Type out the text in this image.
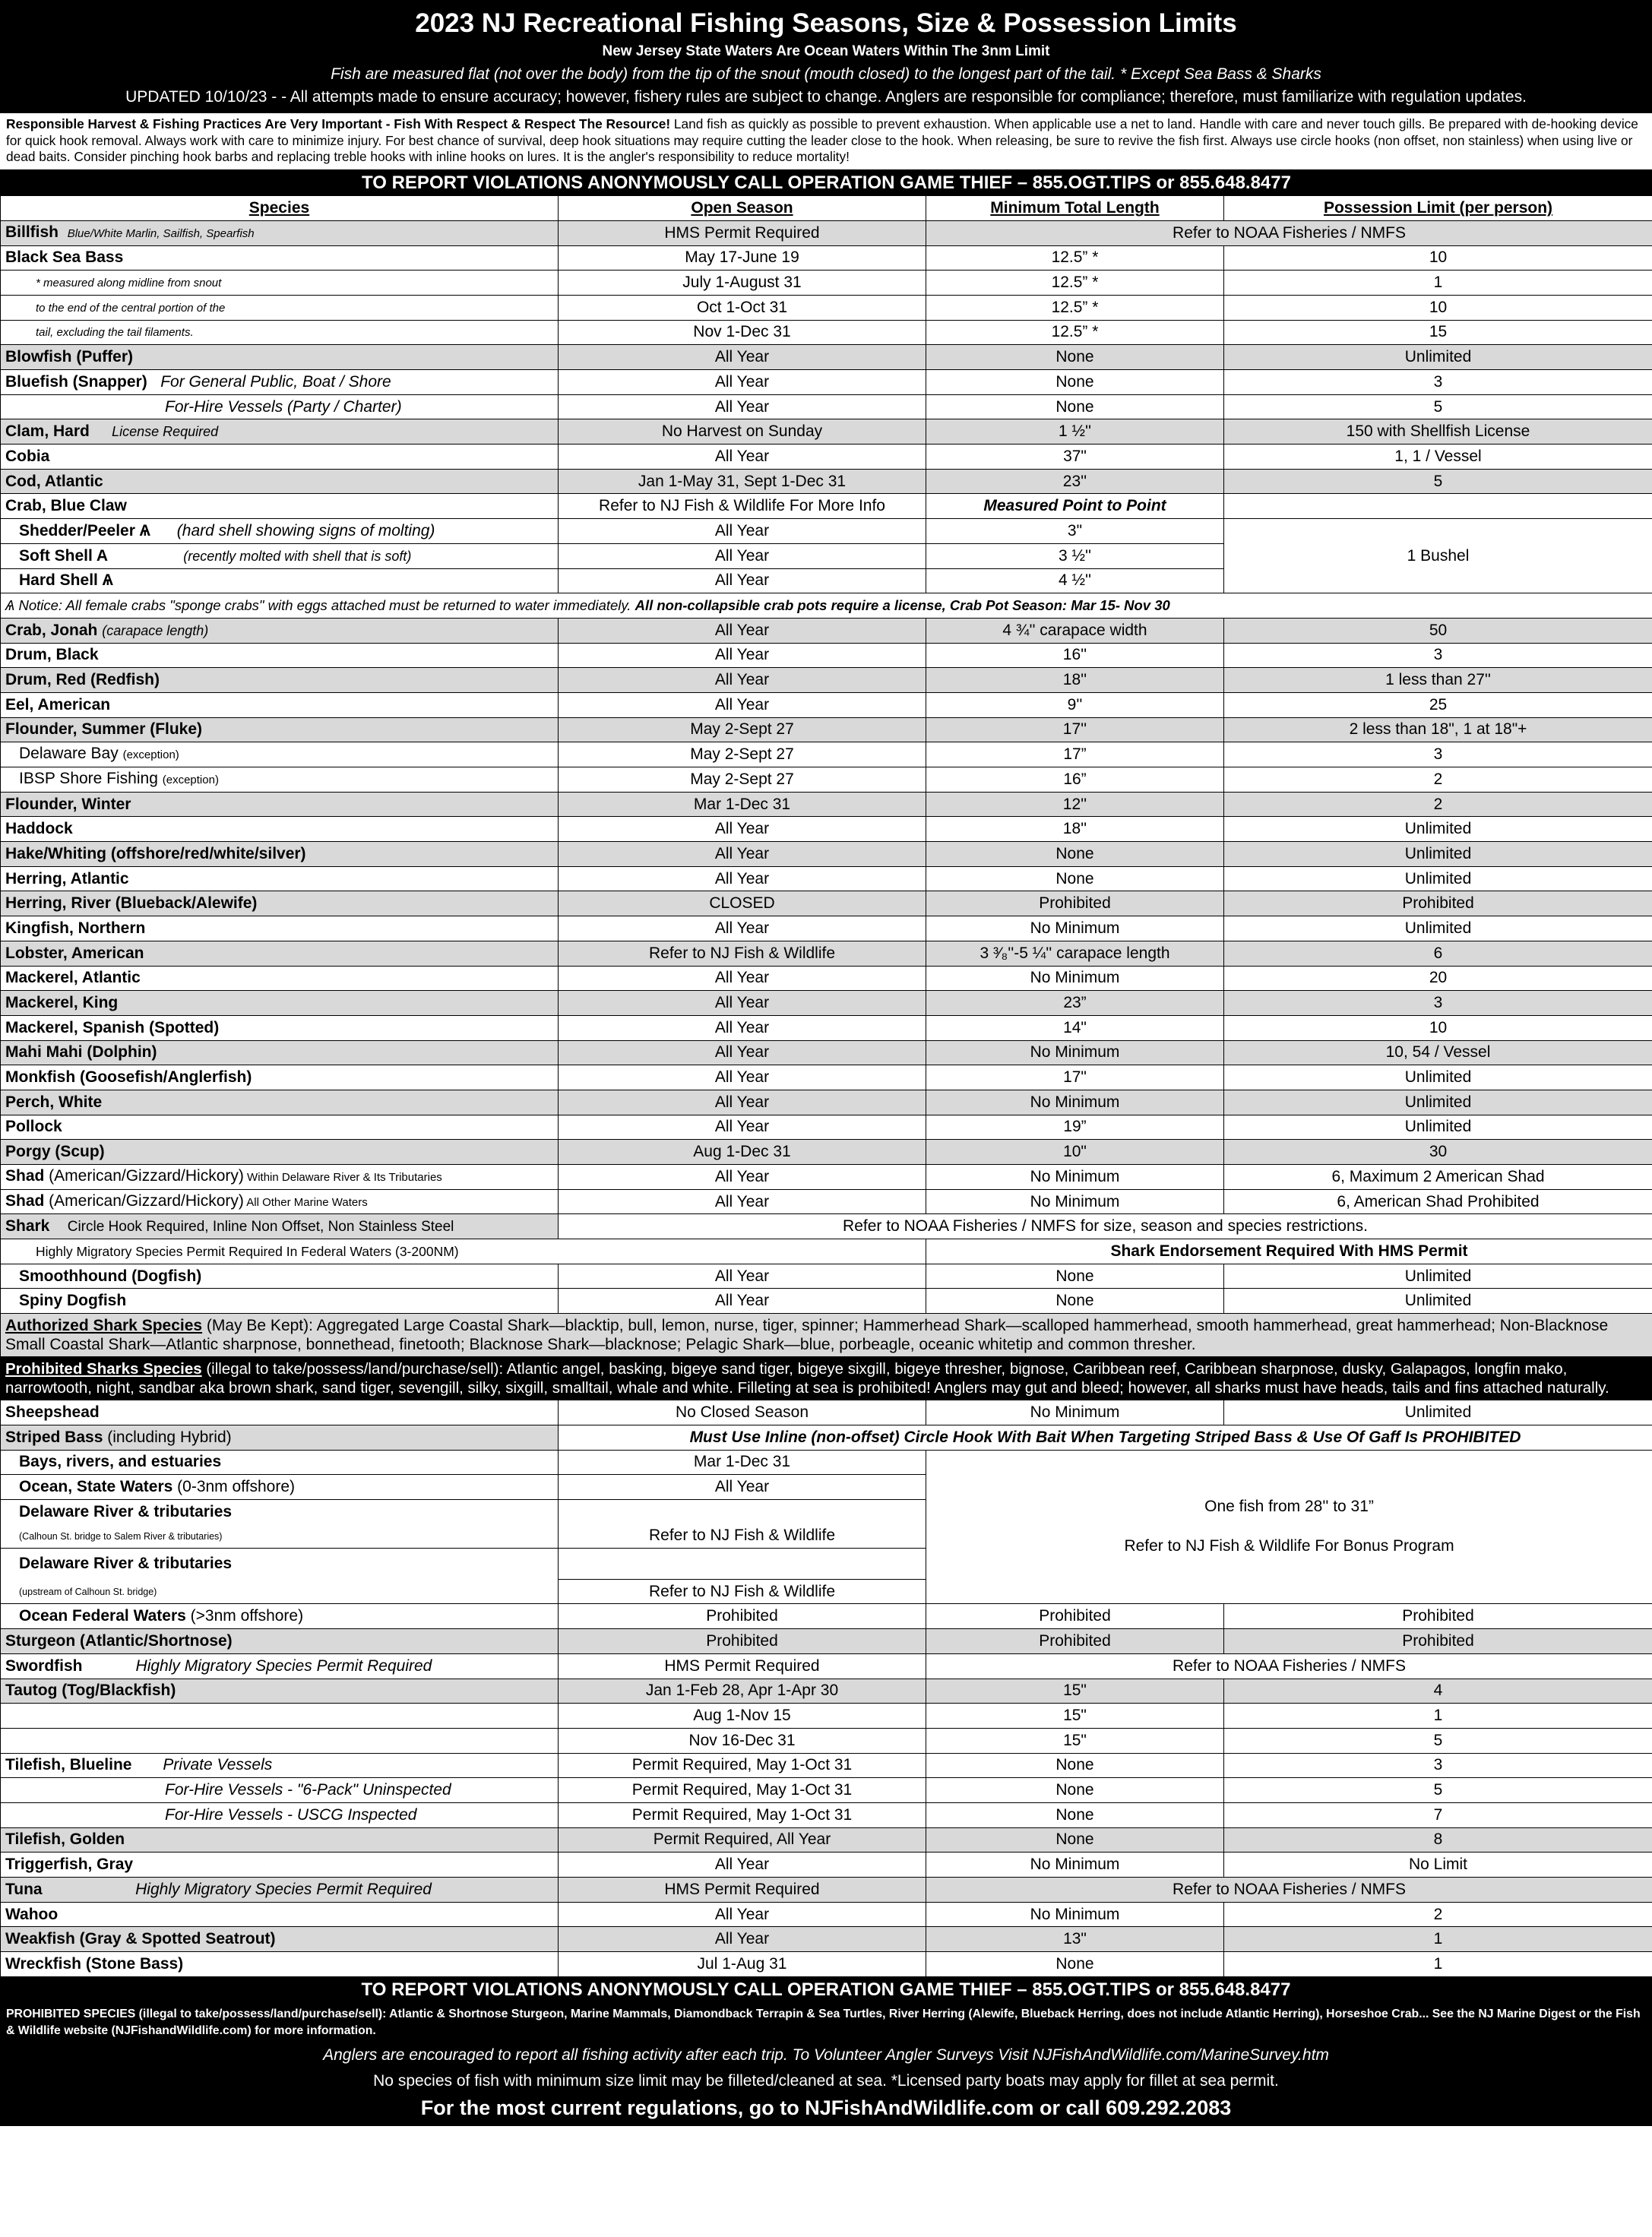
2023 NJ Recreational Fishing Seasons, Size & Possession Limits
New Jersey State Waters Are Ocean Waters Within The 3nm Limit
Fish are measured flat (not over the body) from the tip of the snout (mouth closed) to the longest part of the tail. * Except Sea Bass & Sharks
UPDATED 10/10/23 - - All attempts made to ensure accuracy; however, fishery rules are subject to change. Anglers are responsible for compliance; therefore, must familiarize with regulation updates.
Responsible Harvest & Fishing Practices Are Very Important - Fish With Respect & Respect The Resource! Land fish as quickly as possible to prevent exhaustion. When applicable use a net to land. Handle with care and never touch gills. Be prepared with de-hooking device for quick hook removal. Always work with care to minimize injury. For best chance of survival, deep hook situations may require cutting the leader close to the hook. When releasing, be sure to revive the fish first. Always use circle hooks (non offset, non stainless) when using live or dead baits. Consider pinching hook barbs and replacing treble hooks with inline hooks on lures. It is the angler's responsibility to reduce mortality!
TO REPORT VIOLATIONS ANONYMOUSLY CALL OPERATION GAME THIEF – 855.OGT.TIPS or 855.648.8477			
Species	Open Season	Minimum Total Length	Possession Limit (per person)
Billfish Blue/White Marlin, Sailfish, Spearfish	HMS Permit Required	Refer to NOAA Fisheries / NMFS	
Black Sea Bass	May 17-June 19	12.5” *	10
* measured along midline from snout	July 1-August 31	12.5” *	1
to the end of the central portion of the	Oct 1-Oct 31	12.5” *	10
tail, excluding the tail filaments.	Nov 1-Dec 31	12.5” *	15
Blowfish (Puffer)	All Year	None	Unlimited
Bluefish (Snapper) For General Public, Boat / Shore	All Year	None	3
For-Hire Vessels (Party / Charter)	All Year	None	5
Clam, Hard License Required	No Harvest on Sunday	1 ½''	150 with Shellfish License
Cobia	All Year	37"	1, 1 / Vessel
Cod, Atlantic	Jan 1-May 31, Sept 1-Dec 31	23''	5
Crab, Blue Claw	Refer to NJ Fish & Wildlife For More Info	Measured Point to Point	
Shedder/Peeler Ѧ (hard shell showing signs of molting)	All Year	3"	1 Bushel
Soft Shell A (recently molted with shell that is soft)	All Year	3 ½''	
Hard Shell Ѧ	All Year	4 ½''	
Ѧ Notice: All female crabs "sponge crabs" with eggs attached must be returned to water immediately. All non-collapsible crab pots require a license, Crab Pot Season: Mar 15- Nov 30			
Crab, Jonah (carapace length)	All Year	4 ¾'' carapace width	50
Drum, Black	All Year	16''	3
Drum, Red (Redfish)	All Year	18''	1 less than 27''
Eel, American	All Year	9''	25
Flounder, Summer (Fluke)	May 2-Sept 27	17''	2 less than 18", 1 at 18"+
Delaware Bay (exception)	May 2-Sept 27	17”	3
IBSP Shore Fishing (exception)	May 2-Sept 27	16”	2
Flounder, Winter	Mar 1-Dec 31	12''	2
Haddock	All Year	18''	Unlimited
Hake/Whiting (offshore/red/white/silver)	All Year	None	Unlimited
Herring, Atlantic	All Year	None	Unlimited
Herring, River (Blueback/Alewife)	CLOSED	Prohibited	Prohibited
Kingfish, Northern	All Year	No Minimum	Unlimited
Lobster, American	Refer to NJ Fish & Wildlife	3 ³⁄₈''-5 ¼'' carapace length	6
Mackerel, Atlantic	All Year	No Minimum	20
Mackerel, King	All Year	23”	3
Mackerel, Spanish (Spotted)	All Year	14"	10
Mahi Mahi (Dolphin)	All Year	No Minimum	10, 54 / Vessel
Monkfish (Goosefish/Anglerfish)	All Year	17"	Unlimited
Perch, White	All Year	No Minimum	Unlimited
Pollock	All Year	19”	Unlimited
Porgy (Scup)	Aug 1-Dec 31	10"	30
Shad (American/Gizzard/Hickory) Within Delaware River & Its Tributaries	All Year	No Minimum	6, Maximum 2 American Shad
Shad (American/Gizzard/Hickory) All Other Marine Waters	All Year	No Minimum	6, American Shad Prohibited
Shark Circle Hook Required, Inline Non Offset, Non Stainless Steel	Refer to NOAA Fisheries / NMFS for size, season and species restrictions.		
Highly Migratory Species Permit Required In Federal Waters (3-200NM)		Shark Endorsement Required With HMS Permit	
Smoothhound (Dogfish)	All Year	None	Unlimited
Spiny Dogfish	All Year	None	Unlimited
Authorized Shark Species (May Be Kept): Aggregated Large Coastal Shark—blacktip, bull, lemon, nurse, tiger, spinner; Hammerhead Shark—scalloped hammerhead, smooth hammerhead, great hammerhead; Non-Blacknose Small Coastal Shark—Atlantic sharpnose, bonnethead, finetooth; Blacknose Shark—blacknose; Pelagic Shark—blue, porbeagle, oceanic whitetip and common thresher.			
Prohibited Sharks Species (illegal to take/possess/land/purchase/sell): Atlantic angel, basking, bigeye sand tiger, bigeye sixgill, bigeye thresher, bignose, Caribbean reef, Caribbean sharpnose, dusky, Galapagos, longfin mako, narrowtooth, night, sandbar aka brown shark, sand tiger, sevengill, silky, sixgill, smalltail, whale and white. Filleting at sea is prohibited! Anglers may gut and bleed; however, all sharks must have heads, tails and fins attached naturally.			
Sheepshead	No Closed Season	No Minimum	Unlimited
Striped Bass (including Hybrid)	Must Use Inline (non-offset) Circle Hook With Bait When Targeting Striped Bass & Use Of Gaff Is PROHIBITED		
Bays, rivers, and estuaries	Mar 1-Dec 31	One fish from 28'' to 31”
Refer to NJ Fish & Wildlife For Bonus Program	

Ocean, State Waters (0-3nm offshore)	All Year		
Delaware River & tributaries			
(Calhoun St. bridge to Salem River & tributaries)	Refer to NJ Fish & Wildlife		
Delaware River & tributaries			
(upstream of Calhoun St. bridge)	Refer to NJ Fish & Wildlife		
Ocean Federal Waters (>3nm offshore)	Prohibited	Prohibited	Prohibited
Sturgeon (Atlantic/Shortnose)	Prohibited	Prohibited	Prohibited
Swordfish Highly Migratory Species Permit Required	HMS Permit Required	Refer to NOAA Fisheries / NMFS	
Tautog (Tog/Blackfish)	Jan 1-Feb 28, Apr 1-Apr 30	15"	4
	Aug 1-Nov 15	15"	1
	Nov 16-Dec 31	15"	5
Tilefish, Blueline Private Vessels	Permit Required, May 1-Oct 31	None	3
For-Hire Vessels - "6-Pack" Uninspected	Permit Required, May 1-Oct 31	None	5
For-Hire Vessels - USCG Inspected	Permit Required, May 1-Oct 31	None	7
Tilefish, Golden	Permit Required, All Year	None	8
Triggerfish, Gray	All Year	No Minimum	No Limit
Tuna Highly Migratory Species Permit Required	HMS Permit Required	Refer to NOAA Fisheries / NMFS	
Wahoo	All Year	No Minimum	2
Weakfish (Gray & Spotted Seatrout)	All Year	13"	1
Wreckfish (Stone Bass)	Jul 1-Aug 31	None	1
TO REPORT VIOLATIONS ANONYMOUSLY CALL OPERATION GAME THIEF – 855.OGT.TIPS or 855.648.8477
PROHIBITED SPECIES (illegal to take/possess/land/purchase/sell): Atlantic & Shortnose Sturgeon, Marine Mammals, Diamondback Terrapin & Sea Turtles, River Herring (Alewife, Blueback Herring, does not include Atlantic Herring), Horseshoe Crab... See the NJ Marine Digest or the Fish & Wildlife website (NJFishandWildlife.com) for more information.
Anglers are encouraged to report all fishing activity after each trip. To Volunteer Angler Surveys Visit NJFishAndWildlife.com/MarineSurvey.htm
No species of fish with minimum size limit may be filleted/cleaned at sea. *Licensed party boats may apply for fillet at sea permit.
For the most current regulations, go to NJFishAndWildlife.com or call 609.292.2083
